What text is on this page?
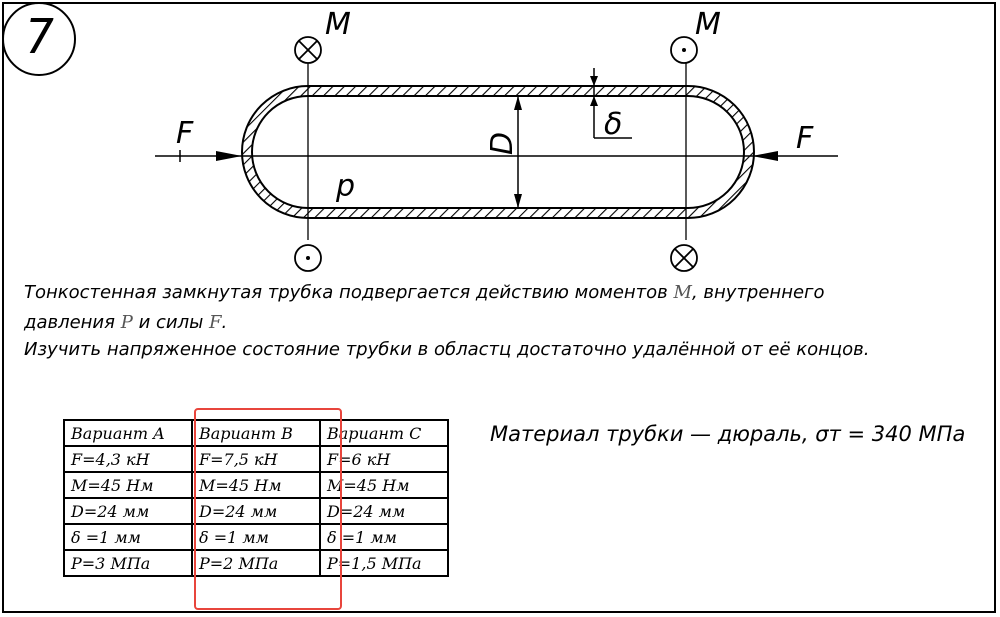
7	M	M
F	F
D
δ
p
Тонкостенная замкнутая трубка подвергается действию моментов M, внутреннего
давления P и силы F.
Изучить напряженное состояние трубки в областц достаточно удалённой от её концов.
Вариант A	Вариант B	Вариант C
F=4,3 кН	F=7,5 кН	F=6 кН
M=45 Нм	M=45 Нм	M=45 Нм
D=24 мм	D=24 мм	D=24 мм
δ =1 мм	δ =1 мм	δ =1 мм
P=3 МПа	P=2 МПа	P=1,5 МПа
Материал трубки — дюраль, σт = 340 МПа
